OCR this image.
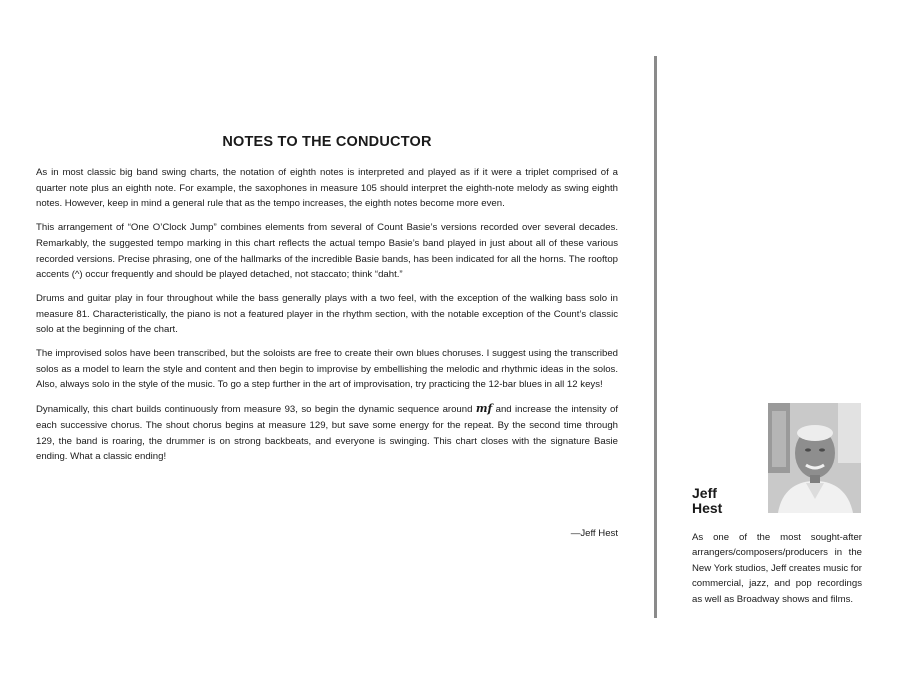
NOTES TO THE CONDUCTOR

As in most classic big band swing charts, the notation of eighth notes is interpreted and played as if it were a triplet comprised of a quarter note plus an eighth note. For example, the saxophones in measure 105 should interpret the eighth-note melody as swing eighth notes. However, keep in mind a general rule that as the tempo increases, the eighth notes become more even.

This arrangement of “One O’Clock Jump” combines elements from several of Count Basie’s versions recorded over several decades. Remarkably, the suggested tempo marking in this chart reflects the actual tempo Basie’s band played in just about all of these various recorded versions. Precise phrasing, one of the hallmarks of the incredible Basie bands, has been indicated for all the horns. The rooftop accents (^) occur frequently and should be played detached, not staccato; think “daht.”

Drums and guitar play in four throughout while the bass generally plays with a two feel, with the exception of the walking bass solo in measure 81. Characteristically, the piano is not a featured player in the rhythm section, with the notable exception of the Count’s classic solo at the beginning of the chart.

The improvised solos have been transcribed, but the soloists are free to create their own blues choruses. I suggest using the transcribed solos as a model to learn the style and content and then begin to improvise by embellishing the melodic and rhythmic ideas in the solos. Also, always solo in the style of the music. To go a step further in the art of improvisation, try practicing the 12-bar blues in all 12 keys!

Dynamically, this chart builds continuously from measure 93, so begin the dynamic sequence around mf and increase the intensity of each successive chorus. The shout chorus begins at measure 129, but save some energy for the repeat. By the second time through 129, the band is roaring, the drummer is on strong backbeats, and everyone is swinging. This chart closes with the signature Basie ending. What a classic ending!

—Jeff Hest
Jeff
Hest
As one of the most sought-after arrangers/composers/producers in the New York studios, Jeff creates music for commercial, jazz, and pop recordings as well as Broadway shows and films.
